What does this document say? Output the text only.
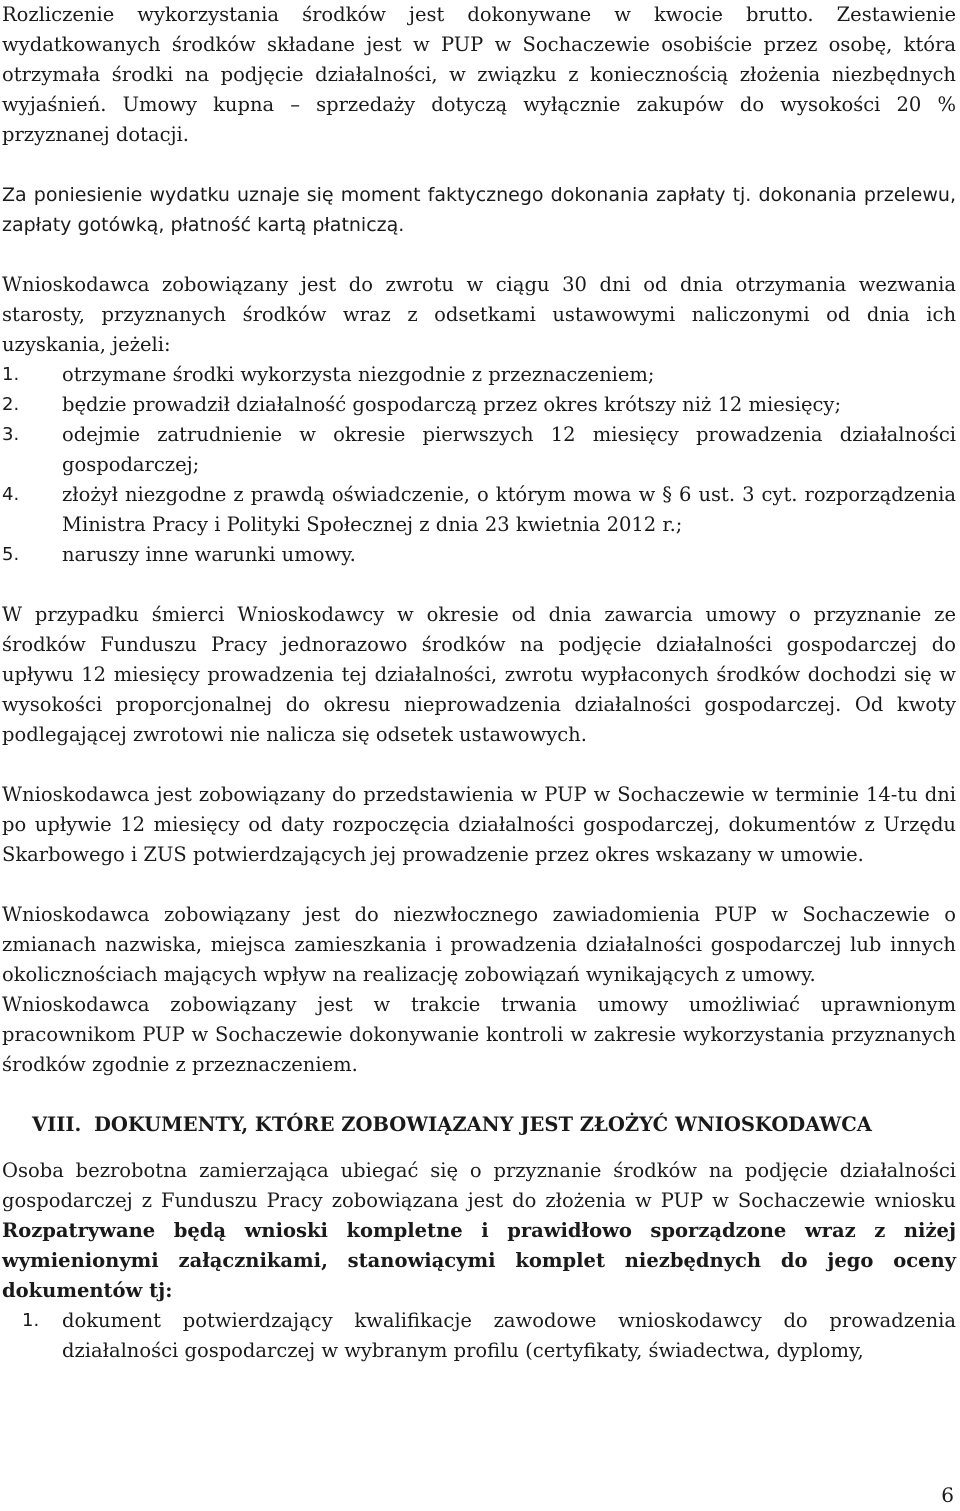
Rozliczenie wykorzystania środków jest dokonywane w kwocie brutto. Zestawienie wydatkowanych środków składane jest w PUP w Sochaczewie osobiście przez osobę, która otrzymała środki na podjęcie działalności, w związku z koniecznością złożenia niezbędnych wyjaśnień. Umowy kupna – sprzedaży dotyczą wyłącznie zakupów do wysokości 20 % przyznanej dotacji.

Za poniesienie wydatku uznaje się moment faktycznego dokonania zapłaty tj. dokonania przelewu, zapłaty gotówką, płatność kartą płatniczą.

Wnioskodawca zobowiązany jest do zwrotu w ciągu 30 dni od dnia otrzymania wezwania starosty, przyznanych środków wraz z odsetkami ustawowymi naliczonymi od dnia ich uzyskania, jeżeli:

1. otrzymane środki wykorzysta niezgodnie z przeznaczeniem;
2. będzie prowadził działalność gospodarczą przez okres krótszy niż 12 miesięcy;
3. odejmie zatrudnienie w okresie pierwszych 12 miesięcy prowadzenia działalności gospodarczej;
4. złożył niezgodne z prawdą oświadczenie, o którym mowa w § 6 ust. 3 cyt. rozporządzenia Ministra Pracy i Polityki Społecznej z dnia 23 kwietnia 2012 r.;
5. naruszy inne warunki umowy.

W przypadku śmierci Wnioskodawcy w okresie od dnia zawarcia umowy o przyznanie ze środków Funduszu Pracy jednorazowo środków na podjęcie działalności gospodarczej do upływu 12 miesięcy prowadzenia tej działalności, zwrotu wypłaconych środków dochodzi się w wysokości proporcjonalnej do okresu nieprowadzenia działalności gospodarczej. Od kwoty podlegającej zwrotowi nie nalicza się odsetek ustawowych.

Wnioskodawca jest zobowiązany do przedstawienia w PUP w Sochaczewie w terminie 14-tu dni po upływie 12 miesięcy od daty rozpoczęcia działalności gospodarczej, dokumentów z Urzędu Skarbowego i ZUS potwierdzających jej prowadzenie przez okres wskazany w umowie.

Wnioskodawca zobowiązany jest do niezwłocznego zawiadomienia PUP w Sochaczewie o zmianach nazwiska, miejsca zamieszkania i prowadzenia działalności gospodarczej lub innych okolicznościach mających wpływ na realizację zobowiązań wynikających z umowy.

Wnioskodawca zobowiązany jest w trakcie trwania umowy umożliwiać uprawnionym pracownikom PUP w Sochaczewie dokonywanie kontroli w zakresie wykorzystania przyznanych środków zgodnie z przeznaczeniem.

VIII. DOKUMENTY, KTÓRE ZOBOWIĄZANY JEST ZŁOŻYĆ WNIOSKODAWCA

Osoba bezrobotna zamierzająca ubiegać się o przyznanie środków na podjęcie działalności gospodarczej z Funduszu Pracy zobowiązana jest do złożenia w PUP w Sochaczewie wniosku Rozpatrywane będą wnioski kompletne i prawidłowo sporządzone wraz z niżej wymienionymi załącznikami, stanowiącymi komplet niezbędnych do jego oceny dokumentów tj:

1. dokument potwierdzający kwalifikacje zawodowe wnioskodawcy do prowadzenia działalności gospodarczej w wybranym profilu (certyfikaty, świadectwa, dyplomy,
6
